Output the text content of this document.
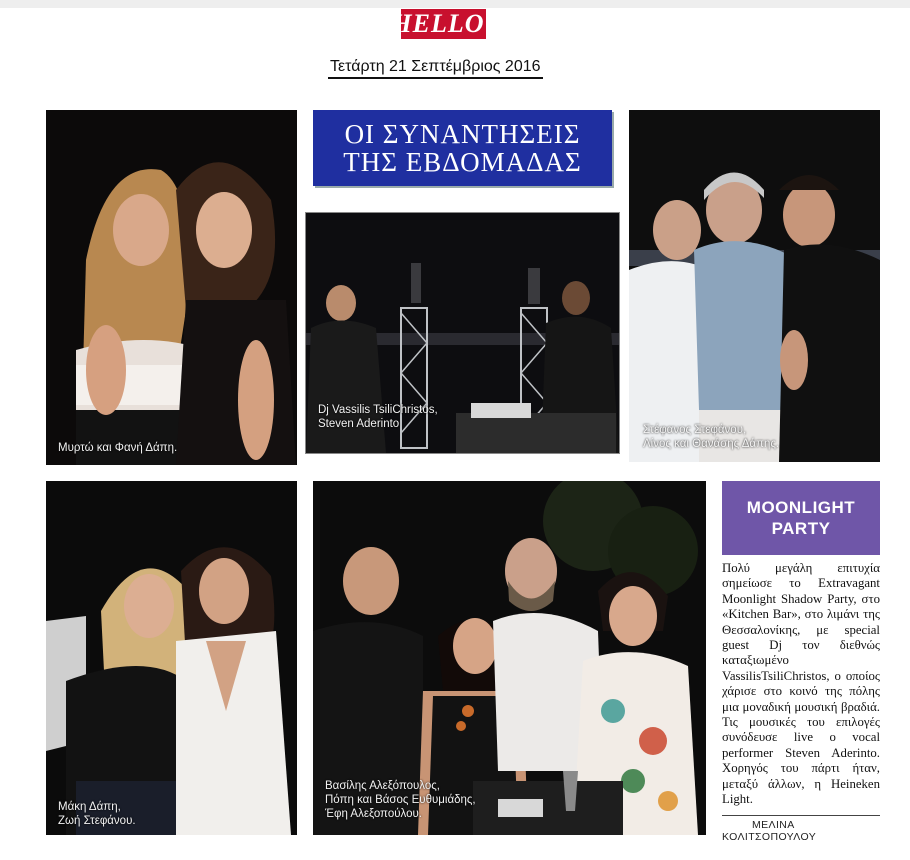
HELLO!
Τετάρτη 21 Σεπτέμβριος 2016
Μυρτώ και Φανή Δάπη.
ΟΙ ΣΥΝΑΝΤΗΣΕΙΣ
ΤΗΣ ΕΒΔΟΜΑΔΑΣ
Dj Vassilis TsiliChristos,
Steven Aderinto	Στέφανος Στεφάνου,
Λίνος και Θανάσης Δάπης.
Μάκη Δάπη,
Ζωή Στεφάνου.
Βασίλης Αλεξόπουλος,
Πόπη και Βάσος Ευθυμιάδης,
Έφη Αλεξοπούλου.
MOONLIGHT
PARTY
Πολύ μεγάλη επιτυχία σημείωσε το Extravagant Moonlight Shadow Party, στο «Kitchen Bar», στο λιμάνι της Θεσσαλονίκης, με special guest Dj τον διεθνώς καταξιωμένο VassilisTsiliChristos, ο οποίος χάρισε στο κοινό της πόλης μια μοναδική μουσική βραδιά. Τις μουσικές του επιλογές συνόδευσε live ο vocal performer Steven Aderinto. Χορηγός του πάρτι ήταν, μεταξύ άλλων, η Heineken Light.
ΜΕΛΙΝΑ ΚΟΛΙΤΣΟΠΟΥΛΟΥ
